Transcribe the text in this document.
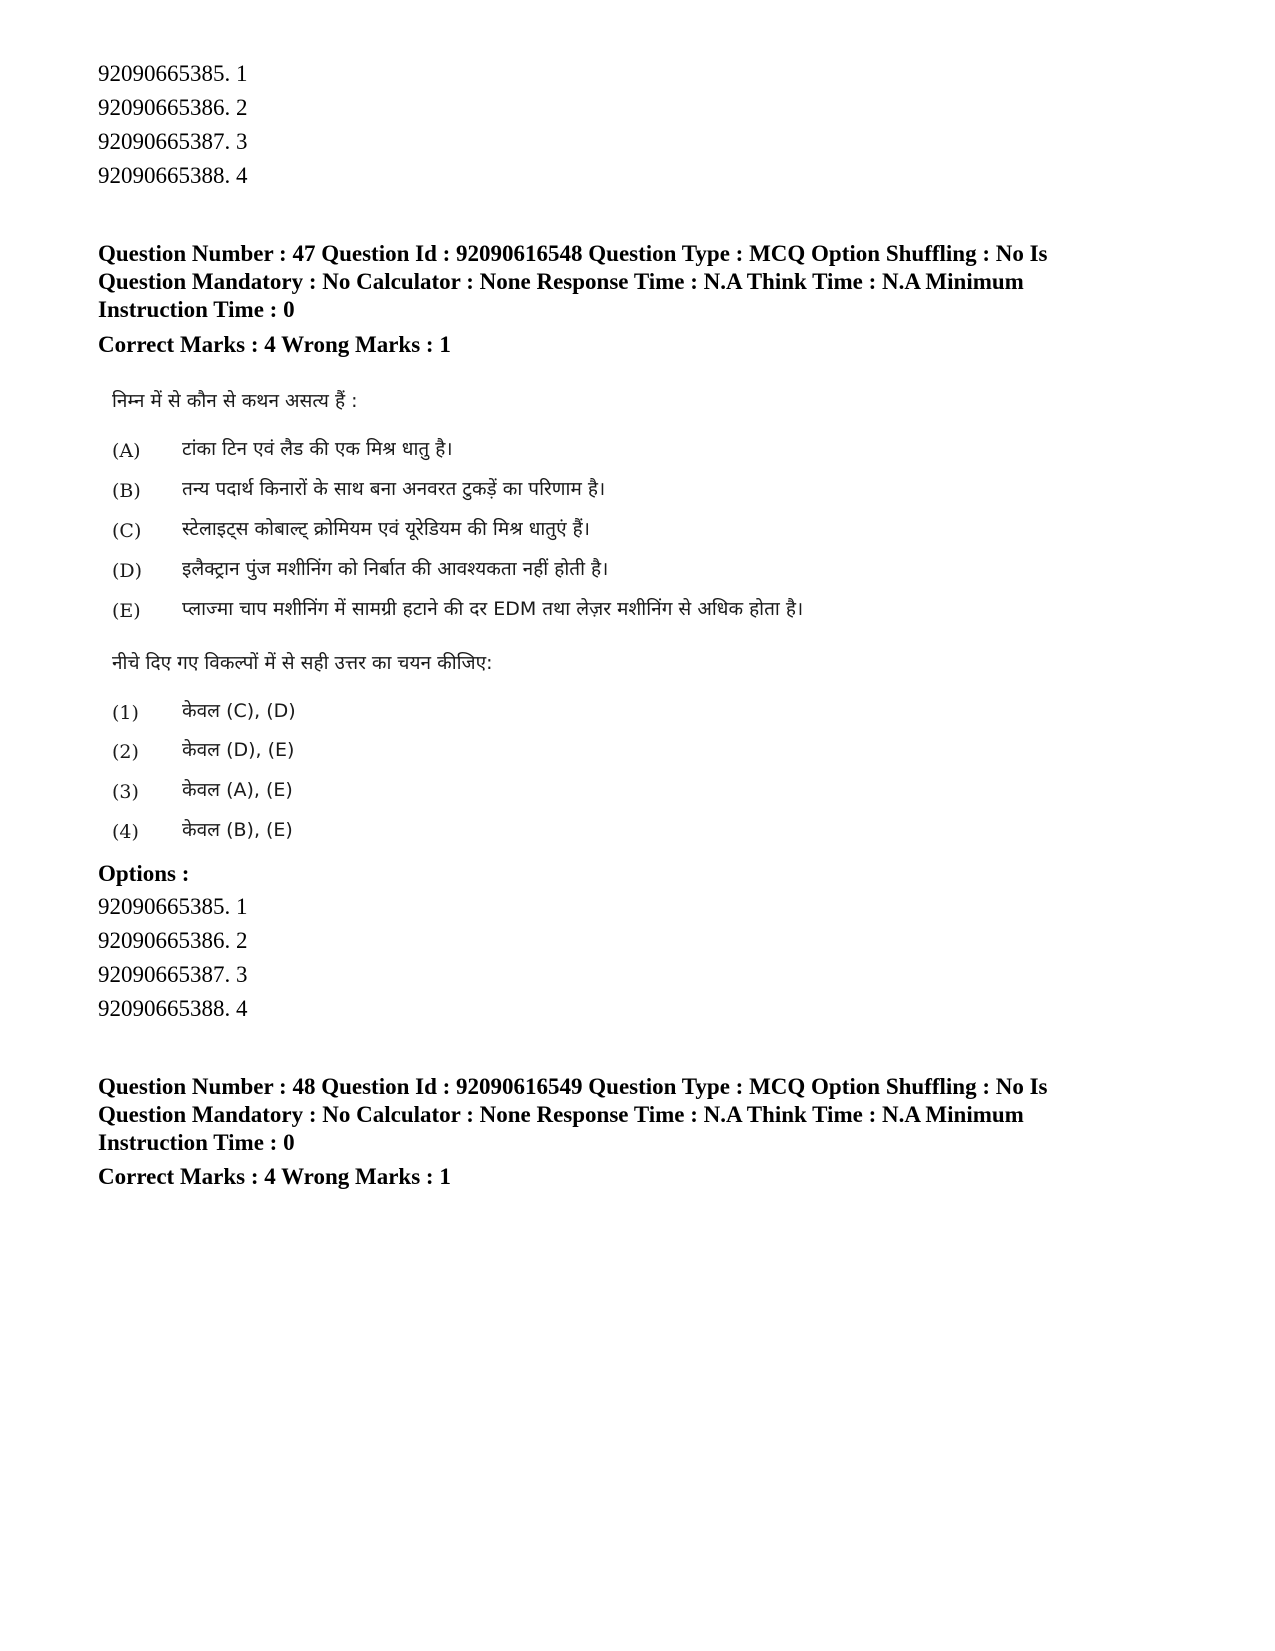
92090665385. 1
92090665386. 2
92090665387. 3
92090665388. 4
Question Number : 47 Question Id : 92090616548 Question Type : MCQ Option Shuffling : No Is
Question Mandatory : No Calculator : None Response Time : N.A Think Time : N.A Minimum
Instruction Time : 0
Correct Marks : 4 Wrong Marks : 1
निम्न में से कौन से कथन असत्य हैं :
(A) टांका टिन एवं लैड की एक मिश्र धातु है।
(B) तन्य पदार्थ किनारों के साथ बना अनवरत टुकड़ें का परिणाम है।
(C) स्टेलाइट्स कोबाल्ट् क्रोमियम एवं यूरेडियम की मिश्र धातुएं हैं।
(D) इलैक्ट्रान पुंज मशीनिंग को निर्बात की आवश्यकता नहीं होती है।
(E) प्लाज्मा चाप मशीनिंग में सामग्री हटाने की दर EDM तथा लेज़र मशीनिंग से अधिक होता है।
नीचे दिए गए विकल्पों में से सही उत्तर का चयन कीजिए:
(1) केवल (C), (D)
(2) केवल (D), (E)
(3) केवल (A), (E)
(4) केवल (B), (E)
Options :
92090665385. 1
92090665386. 2
92090665387. 3
92090665388. 4
Question Number : 48 Question Id : 92090616549 Question Type : MCQ Option Shuffling : No Is
Question Mandatory : No Calculator : None Response Time : N.A Think Time : N.A Minimum
Instruction Time : 0
Correct Marks : 4 Wrong Marks : 1
